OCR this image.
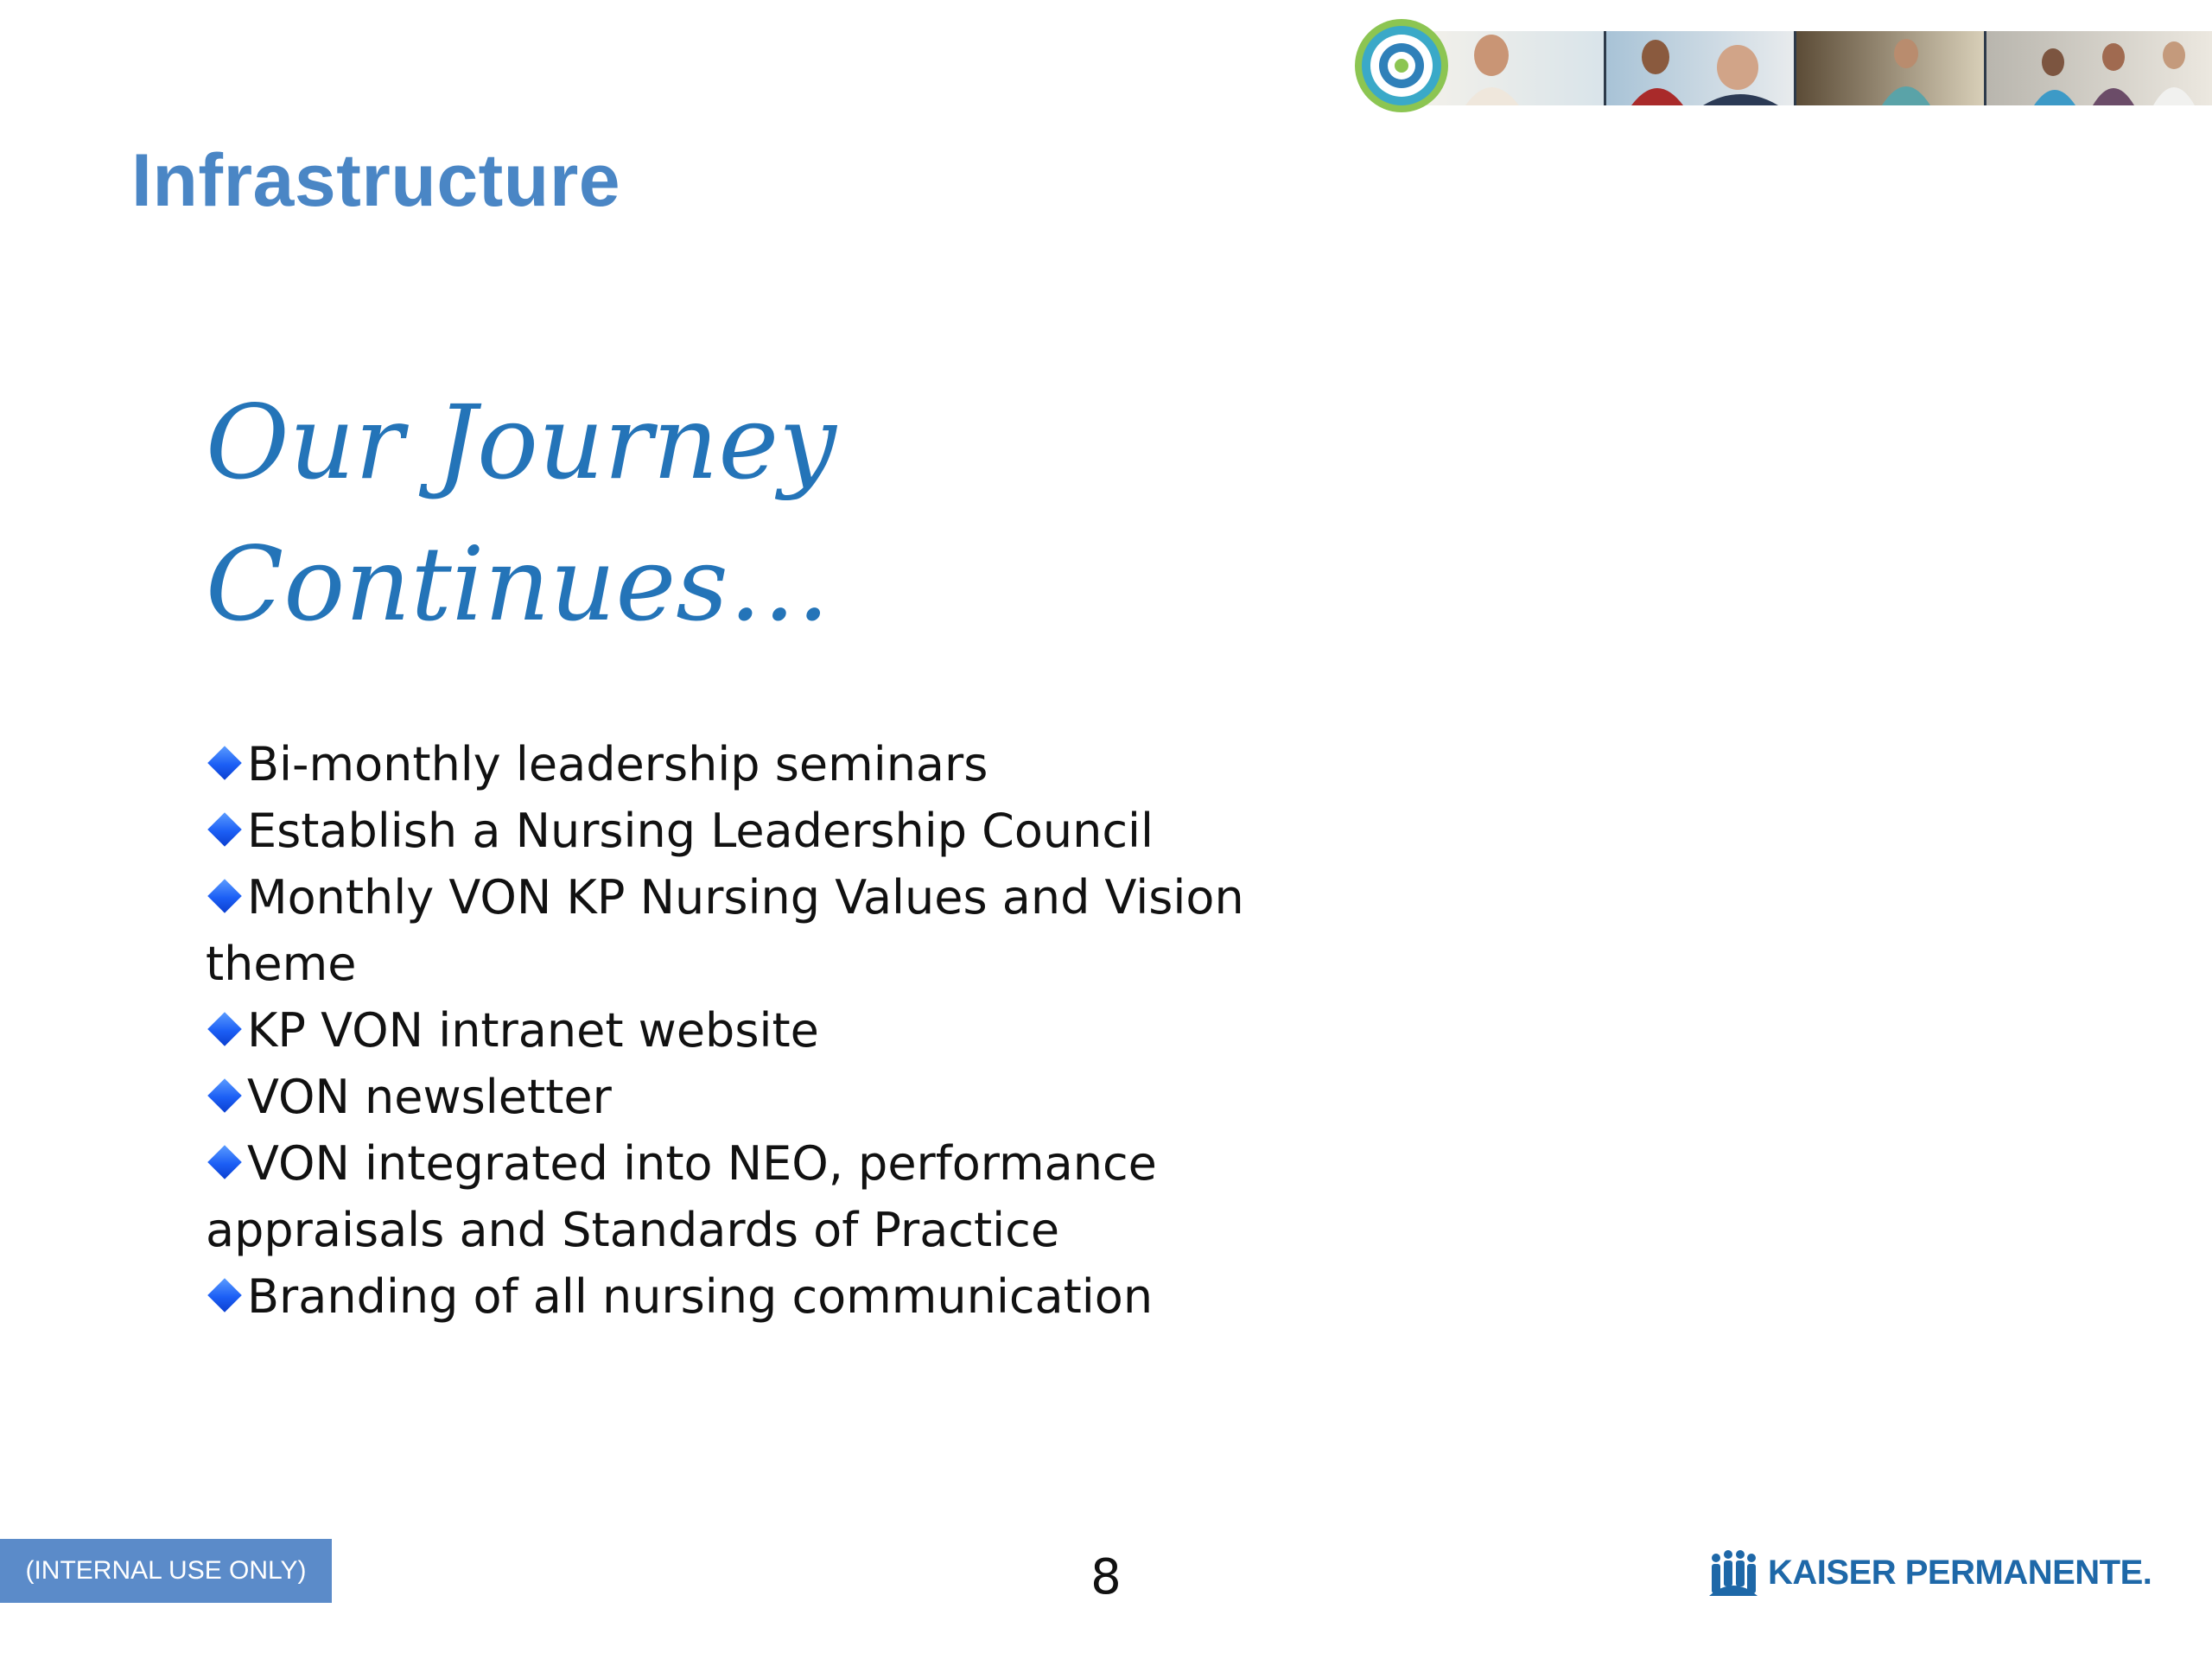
Infrastructure
Our Journey
Continues…
Bi-monthly leadership seminars
Establish a Nursing Leadership Council
Monthly VON KP Nursing Values and Vision theme
KP VON intranet website
VON newsletter
VON integrated into NEO, performance appraisals and Standards of Practice
Branding of all nursing communication
(INTERNAL USE ONLY)	8	KAISER PERMANENTE.
